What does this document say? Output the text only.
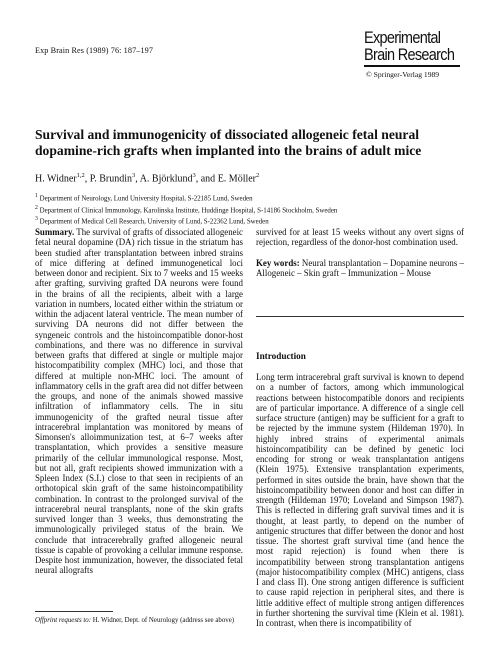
Exp Brain Res (1989) 76: 187–197
Experimental
Brain Research
© Springer-Verlag 1989
Survival and immunogenicity of dissociated allogeneic fetal neural
dopamine-rich grafts when implanted into the brains of adult mice
H. Widner$^{1,2}$, P. Brundin$^3$, A. Björklund$^3$, and E. Möller$^2$
$^1$ Department of Neurology, Lund University Hospital, S-22185 Lund, Sweden
$^2$ Department of Clinical Immunology, Karolinska Institute, Huddinge Hospital, S-14186 Stockholm, Sweden
$^3$ Department of Medical Cell Research, University of Lund, S-22362 Lund, Sweden

Summary. The survival of grafts of dissociated allogeneic fetal neural dopamine (DA) rich tissue in the striatum has been studied after transplantation between inbred strains of mice differing at defined immunogenetical loci between donor and recipient. Six to 7 weeks and 15 weeks after grafting, surviving grafted DA neurons were found in the brains of all the recipients, albeit with a large variation in numbers, located either within the striatum or within the adjacent lateral ventricle. The mean number of surviving DA neurons did not differ between the syngeneic controls and the histoincompatible donor-host combinations, and there was no difference in survival between grafts that differed at single or multiple major histocompatibility complex (MHC) loci, and those that differed at multiple non-MHC loci. The amount of inflammatory cells in the graft area did not differ between the groups, and none of the animals showed massive infiltration of inflammatory cells. The in situ immunogenicity of the grafted neural tissue after intracerebral implantation was monitored by means of Simonsen's alloimmunization test, at 6–7 weeks after transplantation, which provides a sensitive measure primarily of the cellular immunological response. Most, but not all, graft recipients showed immunization with a Spleen Index (S.I.) close to that seen in recipients of an orthotopical skin graft of the same histoincompatibility combination. In contrast to the prolonged survival of the intracerebral neural transplants, none of the skin grafts survived longer than 3 weeks, thus demonstrating the immunologically privileged status of the brain. We conclude that intracerebrally grafted allogeneic neural tissue is capable of provoking a cellular immune response. Despite host immunization, however, the dissociated fetal neural allografts

survived for at least 15 weeks without any overt signs of rejection, regardless of the donor-host combination used.

Key words: Neural transplantation – Dopamine neurons – Allogeneic – Skin graft – Immunization – Mouse

Introduction

Long term intracerebral graft survival is known to depend on a number of factors, among which immunological reactions between histocompatible donors and recipients are of particular importance. A difference of a single cell surface structure (antigen) may be sufficient for a graft to be rejected by the immune system (Hildeman 1970). In highly inbred strains of experimental animals histoincompatibility can be defined by genetic loci encoding for strong or weak transplantation antigens (Klein 1975). Extensive transplantation experiments, performed in sites outside the brain, have shown that the histoincompatibility between donor and host can differ in strength (Hildeman 1970; Loveland and Simpson 1987). This is reflected in differing graft survival times and it is thought, at least partly, to depend on the number of antigenic structures that differ between the donor and host tissue. The shortest graft survival time (and hence the most rapid rejection) is found when there is incompatibility between strong transplantation antigens (major histocompatibility complex (MHC) antigens, class I and class II). One strong antigen difference is sufficient to cause rapid rejection in peripheral sites, and there is little additive effect of multiple strong antigen differences in further shortening the survival time (Klein et al. 1981). In contrast, when there is incompatibility of

Offprint requests to: H. Widner, Dept. of Neurology (address see above)
